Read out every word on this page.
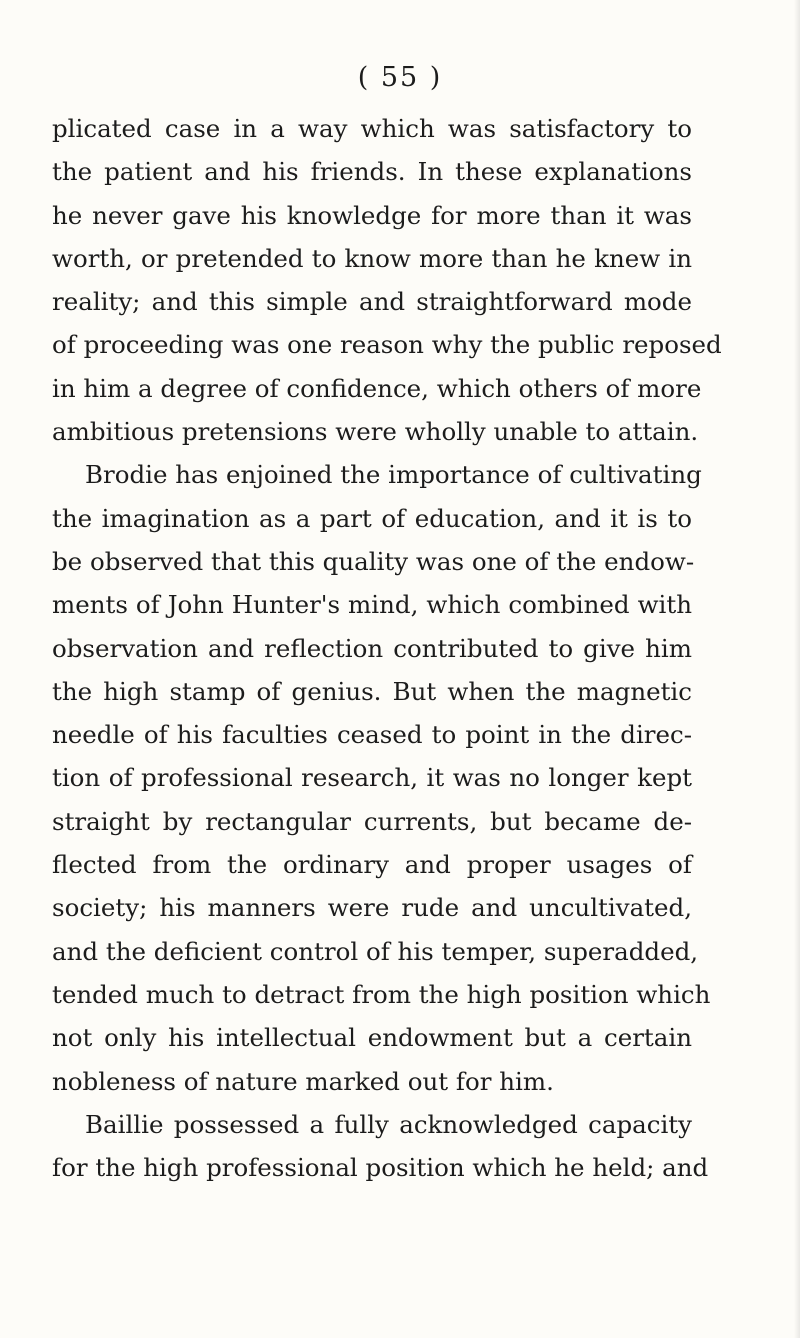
( 55 )
plicated case in a way which was satisfactory to
the patient and his friends. In these explanations
he never gave his knowledge for more than it was
worth, or pretended to know more than he knew in
reality; and this simple and straightforward mode
of proceeding was one reason why the public reposed
in him a degree of confidence, which others of more
ambitious pretensions were wholly unable to attain.
Brodie has enjoined the importance of cultivating
the imagination as a part of education, and it is to
be observed that this quality was one of the endow-
ments of John Hunter's mind, which combined with
observation and reflection contributed to give him
the high stamp of genius. But when the magnetic
needle of his faculties ceased to point in the direc-
tion of professional research, it was no longer kept
straight by rectangular currents, but became de-
flected from the ordinary and proper usages of
society; his manners were rude and uncultivated,
and the deficient control of his temper, superadded,
tended much to detract from the high position which
not only his intellectual endowment but a certain
nobleness of nature marked out for him.
Baillie possessed a fully acknowledged capacity
for the high professional position which he held; and
